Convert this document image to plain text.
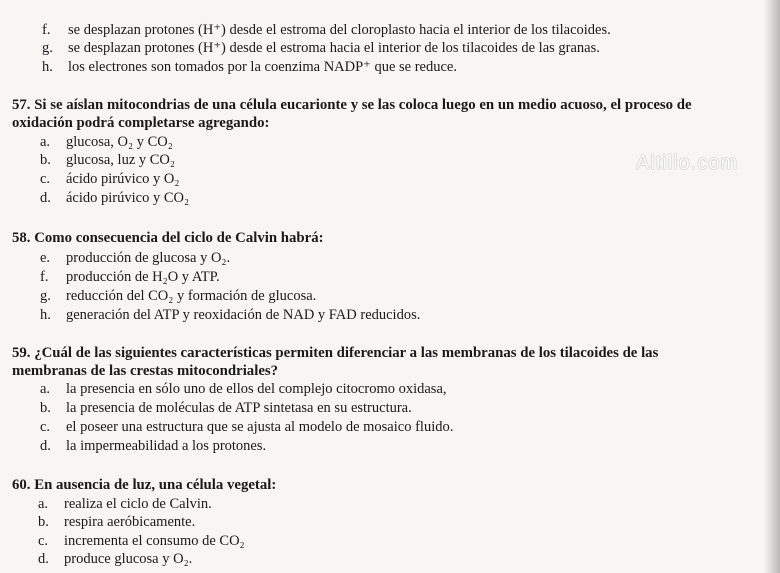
f. se desplazan protones (H⁺) desde el estroma del cloroplasto hacia el interior de los tilacoides.
g. se desplazan protones (H⁺) desde el estroma hacia el interior de los tilacoides de las granas.
h. los electrones son tomados por la coenzima NADP⁺ que se reduce.
57. Si se aíslan mitocondrias de una célula eucarionte y se las coloca luego en un medio acuoso, el proceso de
oxidación podrá completarse agregando:
a. glucosa, O₂ y CO₂
b. glucosa, luz y CO₂
c. ácido pirúvico y O₂
d. ácido pirúvico y CO₂
Altillo.com
58. Como consecuencia del ciclo de Calvin habrá:
e. producción de glucosa y O₂.
f. producción de H₂O y ATP.
g. reducción del CO₂ y formación de glucosa.
h. generación del ATP y reoxidación de NAD y FAD reducidos.
59. ¿Cuál de las siguientes características permiten diferenciar a las membranas de los tilacoides de las
membranas de las crestas mitocondriales?
a. la presencia en sólo uno de ellos del complejo citocromo oxidasa,
b. la presencia de moléculas de ATP sintetasa en su estructura.
c. el poseer una estructura que se ajusta al modelo de mosaico fluido.
d. la impermeabilidad a los protones.
60. En ausencia de luz, una célula vegetal:
a. realiza el ciclo de Calvin.
b. respira aeróbicamente.
c. incrementa el consumo de CO₂
d. produce glucosa y O₂.
